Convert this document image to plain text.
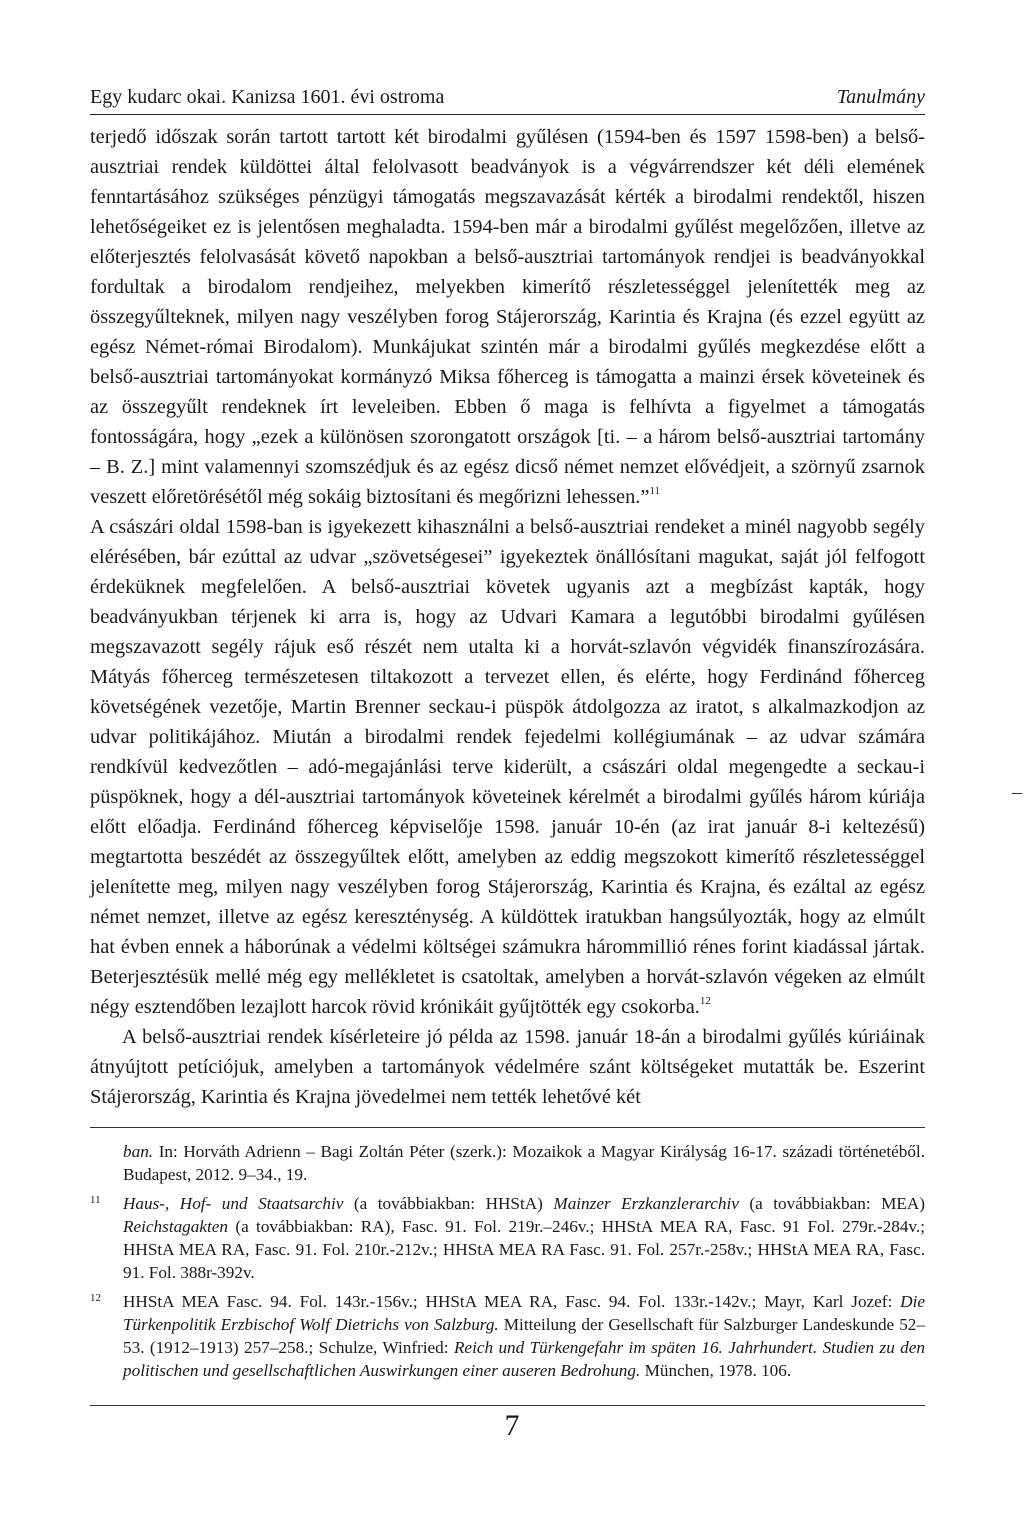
Egy kudarc okai. Kanizsa 1601. évi ostroma	Tanulmány

terjedő időszak során tartott tartott két birodalmi gyűlésen (1594-ben és 1597 1598-ben) a belső-ausztriai rendek küldöttei által felolvasott beadványok is a végvárrendszer két déli elemének fenntartásához szükséges pénzügyi támogatás megszavazását kérték a birodalmi rendektől, hiszen lehetőségeiket ez is jelentősen meghaladta. 1594-ben már a birodalmi gyűlést megelőzően, illetve az előterjesztés felolvasását követő napokban a belső-ausztriai tartományok rendjei is beadványokkal fordultak a birodalom rendjeihez, melyekben kimerítő részletességgel jelenítették meg az összegyűlteknek, milyen nagy veszélyben forog Stájerország, Karintia és Krajna (és ezzel együtt az egész Német-római Birodalom). Munkájukat szintén már a birodalmi gyűlés megkezdése előtt a belső-ausztriai tartományokat kormányzó Miksa főherceg is támogatta a mainzi érsek követeinek és az összegyűlt rendeknek írt leveleiben. Ebben ő maga is felhívta a figyelmet a támogatás fontosságára, hogy „ezek a különösen szorongatott országok [ti. – a három belső-ausztriai tartomány – B. Z.] mint valamennyi szomszédjuk és az egész dicső német nemzet elővédjeit, a szörnyű zsarnok veszett előretörésétől még sokáig biztosítani és megőrizni lehessen.”$^{11}$

A császári oldal 1598-ban is igyekezett kihasználni a belső-ausztriai rendeket a minél nagyobb segély elérésében, bár ezúttal az udvar „szövetségesei” igyekeztek önállósítani magukat, saját jól felfogott érdeküknek megfelelően. A belső-ausztriai követek ugyanis azt a megbízást kapták, hogy beadványukban térjenek ki arra is, hogy az Udvari Kamara a legutóbbi birodalmi gyűlésen megszavazott segély rájuk eső részét nem utalta ki a horvát-szlavón végvidék finanszírozására. Mátyás főherceg természetesen tiltakozott a tervezet ellen, és elérte, hogy Ferdinánd főherceg követségének vezetője, Martin Brenner seckau-i püspök átdolgozza az iratot, s alkalmazkodjon az udvar politikájához. Miután a birodalmi rendek fejedelmi kollégiumának – az udvar számára rendkívül kedvezőtlen – adó-megajánlási terve kiderült, a császári oldal megengedte a seckau-i püspöknek, hogy a dél-ausztriai tartományok követeinek kérelmét a birodalmi gyűlés három kúriája előtt előadja. Ferdinánd főherceg képviselője 1598. január 10-én (az irat január 8-i keltezésű) megtartotta beszédét az összegyűltek előtt, amelyben az eddig megszokott kimerítő részletességgel jelenítette meg, milyen nagy veszélyben forog Stájerország, Karintia és Krajna, és ezáltal az egész német nemzet, illetve az egész kereszténység. A küldöttek iratukban hangsúlyozták, hogy az elmúlt hat évben ennek a háborúnak a védelmi költségei számukra hárommillió rénes forint kiadással jártak. Beterjesztésük mellé még egy mellékletet is csatoltak, amelyben a horvát-szlavón végeken az elmúlt négy esztendőben lezajlott harcok rövid krónikáit gyűjtötték egy csokorba.$^{12}$

A belső-ausztriai rendek kísérleteire jó példa az 1598. január 18-án a birodalmi gyűlés kúriáinak átnyújtott petíciójuk, amelyben a tartományok védelmére szánt költségeket mutatták be. Eszerint Stájerország, Karintia és Krajna jövedelmei nem tették lehetővé két

–
ban. In: Horváth Adrienn – Bagi Zoltán Péter (szerk.): Mozaikok a Magyar Királyság 16-17. századi történetéből. Budapest, 2012. 9–34., 19.
11 Haus-, Hof- und Staatsarchiv (a továbbiakban: HHStA) Mainzer Erzkanzlerarchiv (a továbbiakban: MEA) Reichstagakten (a továbbiakban: RA), Fasc. 91. Fol. 219r.–246v.; HHStA MEA RA, Fasc. 91 Fol. 279r.-284v.; HHStA MEA RA, Fasc. 91. Fol. 210r.-212v.; HHStA MEA RA Fasc. 91. Fol. 257r.-258v.; HHStA MEA RA, Fasc. 91. Fol. 388r-392v.
12 HHStA MEA Fasc. 94. Fol. 143r.-156v.; HHStA MEA RA, Fasc. 94. Fol. 133r.-142v.; Mayr, Karl Jozef: Die Türkenpolitik Erzbischof Wolf Dietrichs von Salzburg. Mitteilung der Gesellschaft für Salzburger Landeskunde 52–53. (1912–1913) 257–258.; Schulze, Winfried: Reich und Türkengefahr im späten 16. Jahrhundert. Studien zu den politischen und gesellschaftlichen Auswirkungen einer auseren Bedrohung. München, 1978. 106.
7
